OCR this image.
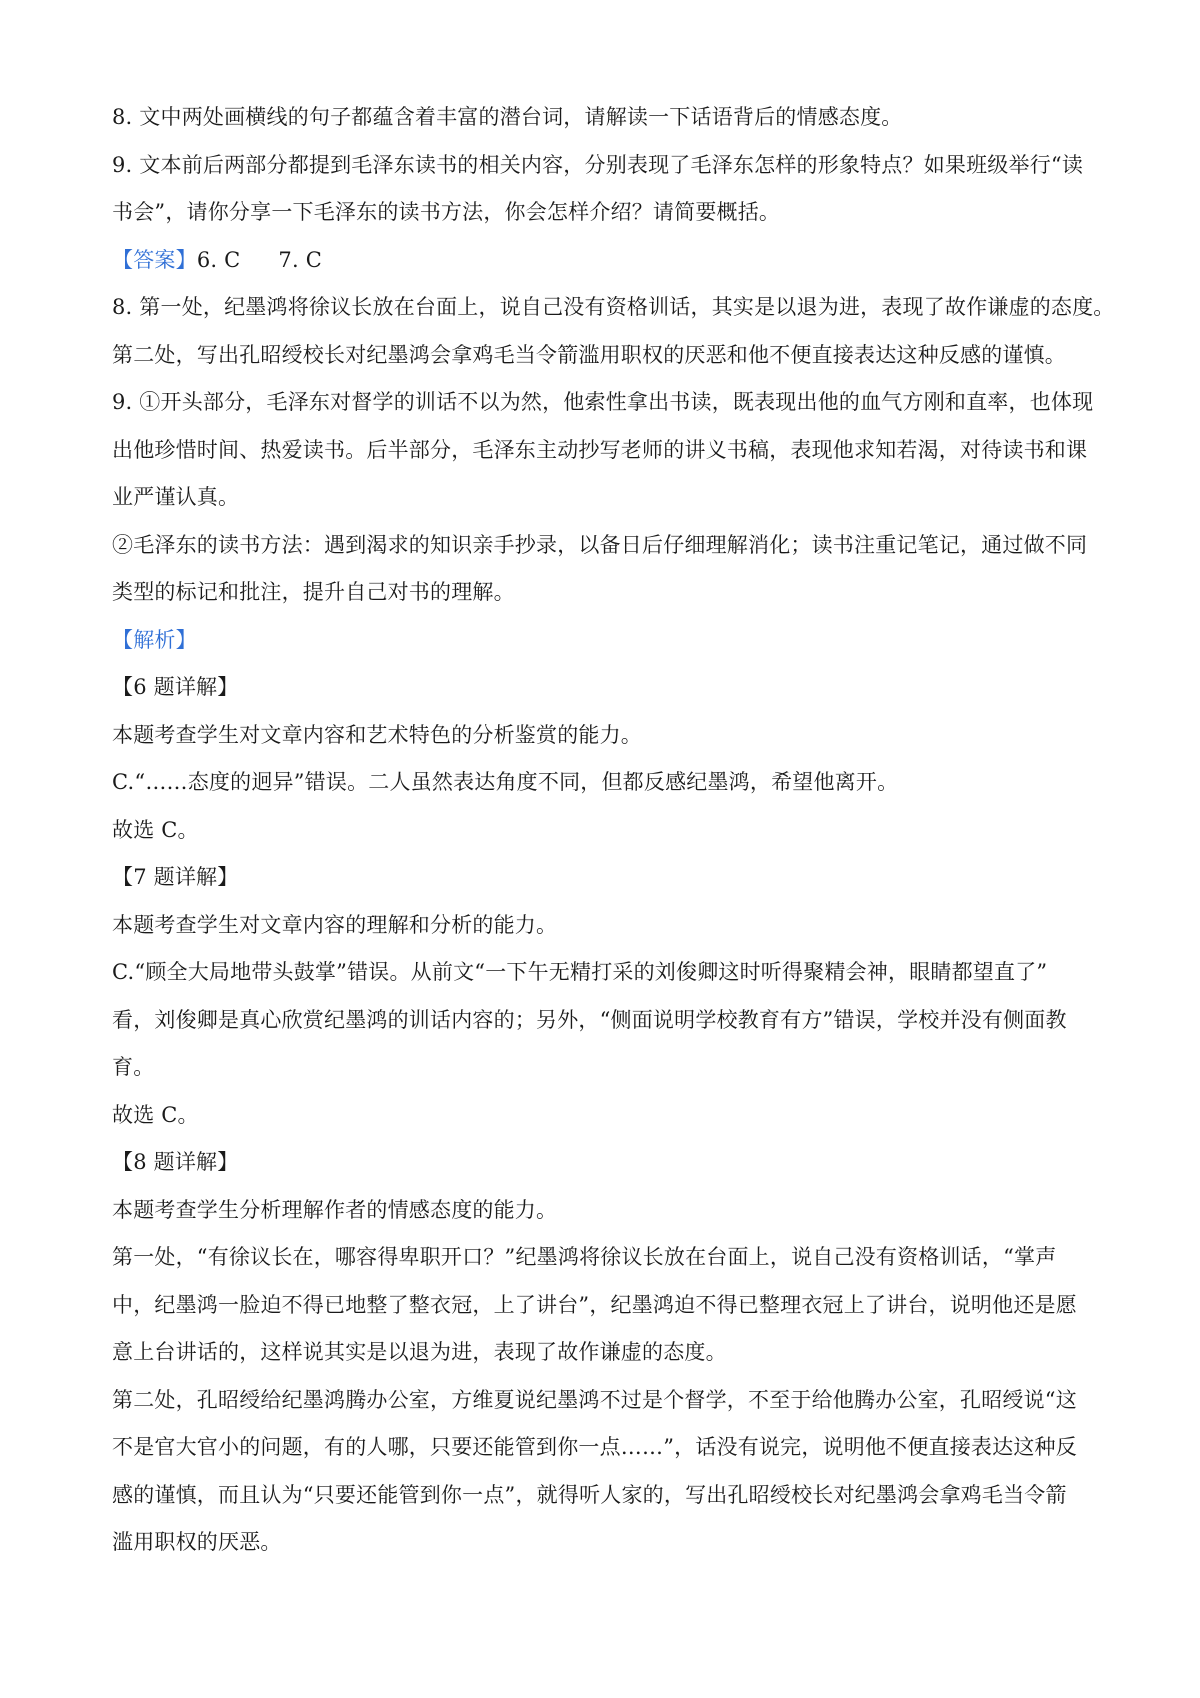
8. 文中两处画横线的句子都蕴含着丰富的潜台词，请解读一下话语背后的情感态度。
9. 文本前后两部分都提到毛泽东读书的相关内容，分别表现了毛泽东怎样的形象特点？如果班级举行“读
书会”，请你分享一下毛泽东的读书方法，你会怎样介绍？请简要概括。
【答案】6. C 7. C
8. 第一处，纪墨鸿将徐议长放在台面上，说自己没有资格训话，其实是以退为进，表现了故作谦虚的态度。
第二处，写出孔昭绶校长对纪墨鸿会拿鸡毛当令箭滥用职权的厌恶和他不便直接表达这种反感的谨慎。
9. ①开头部分，毛泽东对督学的训话不以为然，他索性拿出书读，既表现出他的血气方刚和直率，也体现
出他珍惜时间、热爱读书。后半部分，毛泽东主动抄写老师的讲义书稿，表现他求知若渴，对待读书和课
业严谨认真。
②毛泽东的读书方法：遇到渴求的知识亲手抄录，以备日后仔细理解消化；读书注重记笔记，通过做不同
类型的标记和批注，提升自己对书的理解。
【解析】
【6 题详解】
本题考查学生对文章内容和艺术特色的分析鉴赏的能力。
C.“……态度的迥异”错误。二人虽然表达角度不同，但都反感纪墨鸿，希望他离开。
故选 C。
【7 题详解】
本题考查学生对文章内容的理解和分析的能力。
C.“顾全大局地带头鼓掌”错误。从前文“一下午无精打采的刘俊卿这时听得聚精会神，眼睛都望直了”
看，刘俊卿是真心欣赏纪墨鸿的训话内容的；另外，“侧面说明学校教育有方”错误，学校并没有侧面教
育。
故选 C。
【8 题详解】
本题考查学生分析理解作者的情感态度的能力。
第一处，“有徐议长在，哪容得卑职开口？”纪墨鸿将徐议长放在台面上，说自己没有资格训话，“掌声
中，纪墨鸿一脸迫不得已地整了整衣冠，上了讲台”，纪墨鸿迫不得已整理衣冠上了讲台，说明他还是愿
意上台讲话的，这样说其实是以退为进，表现了故作谦虚的态度。
第二处，孔昭绶给纪墨鸿腾办公室，方维夏说纪墨鸿不过是个督学，不至于给他腾办公室，孔昭绶说“这
不是官大官小的问题，有的人哪，只要还能管到你一点……”，话没有说完，说明他不便直接表达这种反
感的谨慎，而且认为“只要还能管到你一点”，就得听人家的，写出孔昭绶校长对纪墨鸿会拿鸡毛当令箭
滥用职权的厌恶。
